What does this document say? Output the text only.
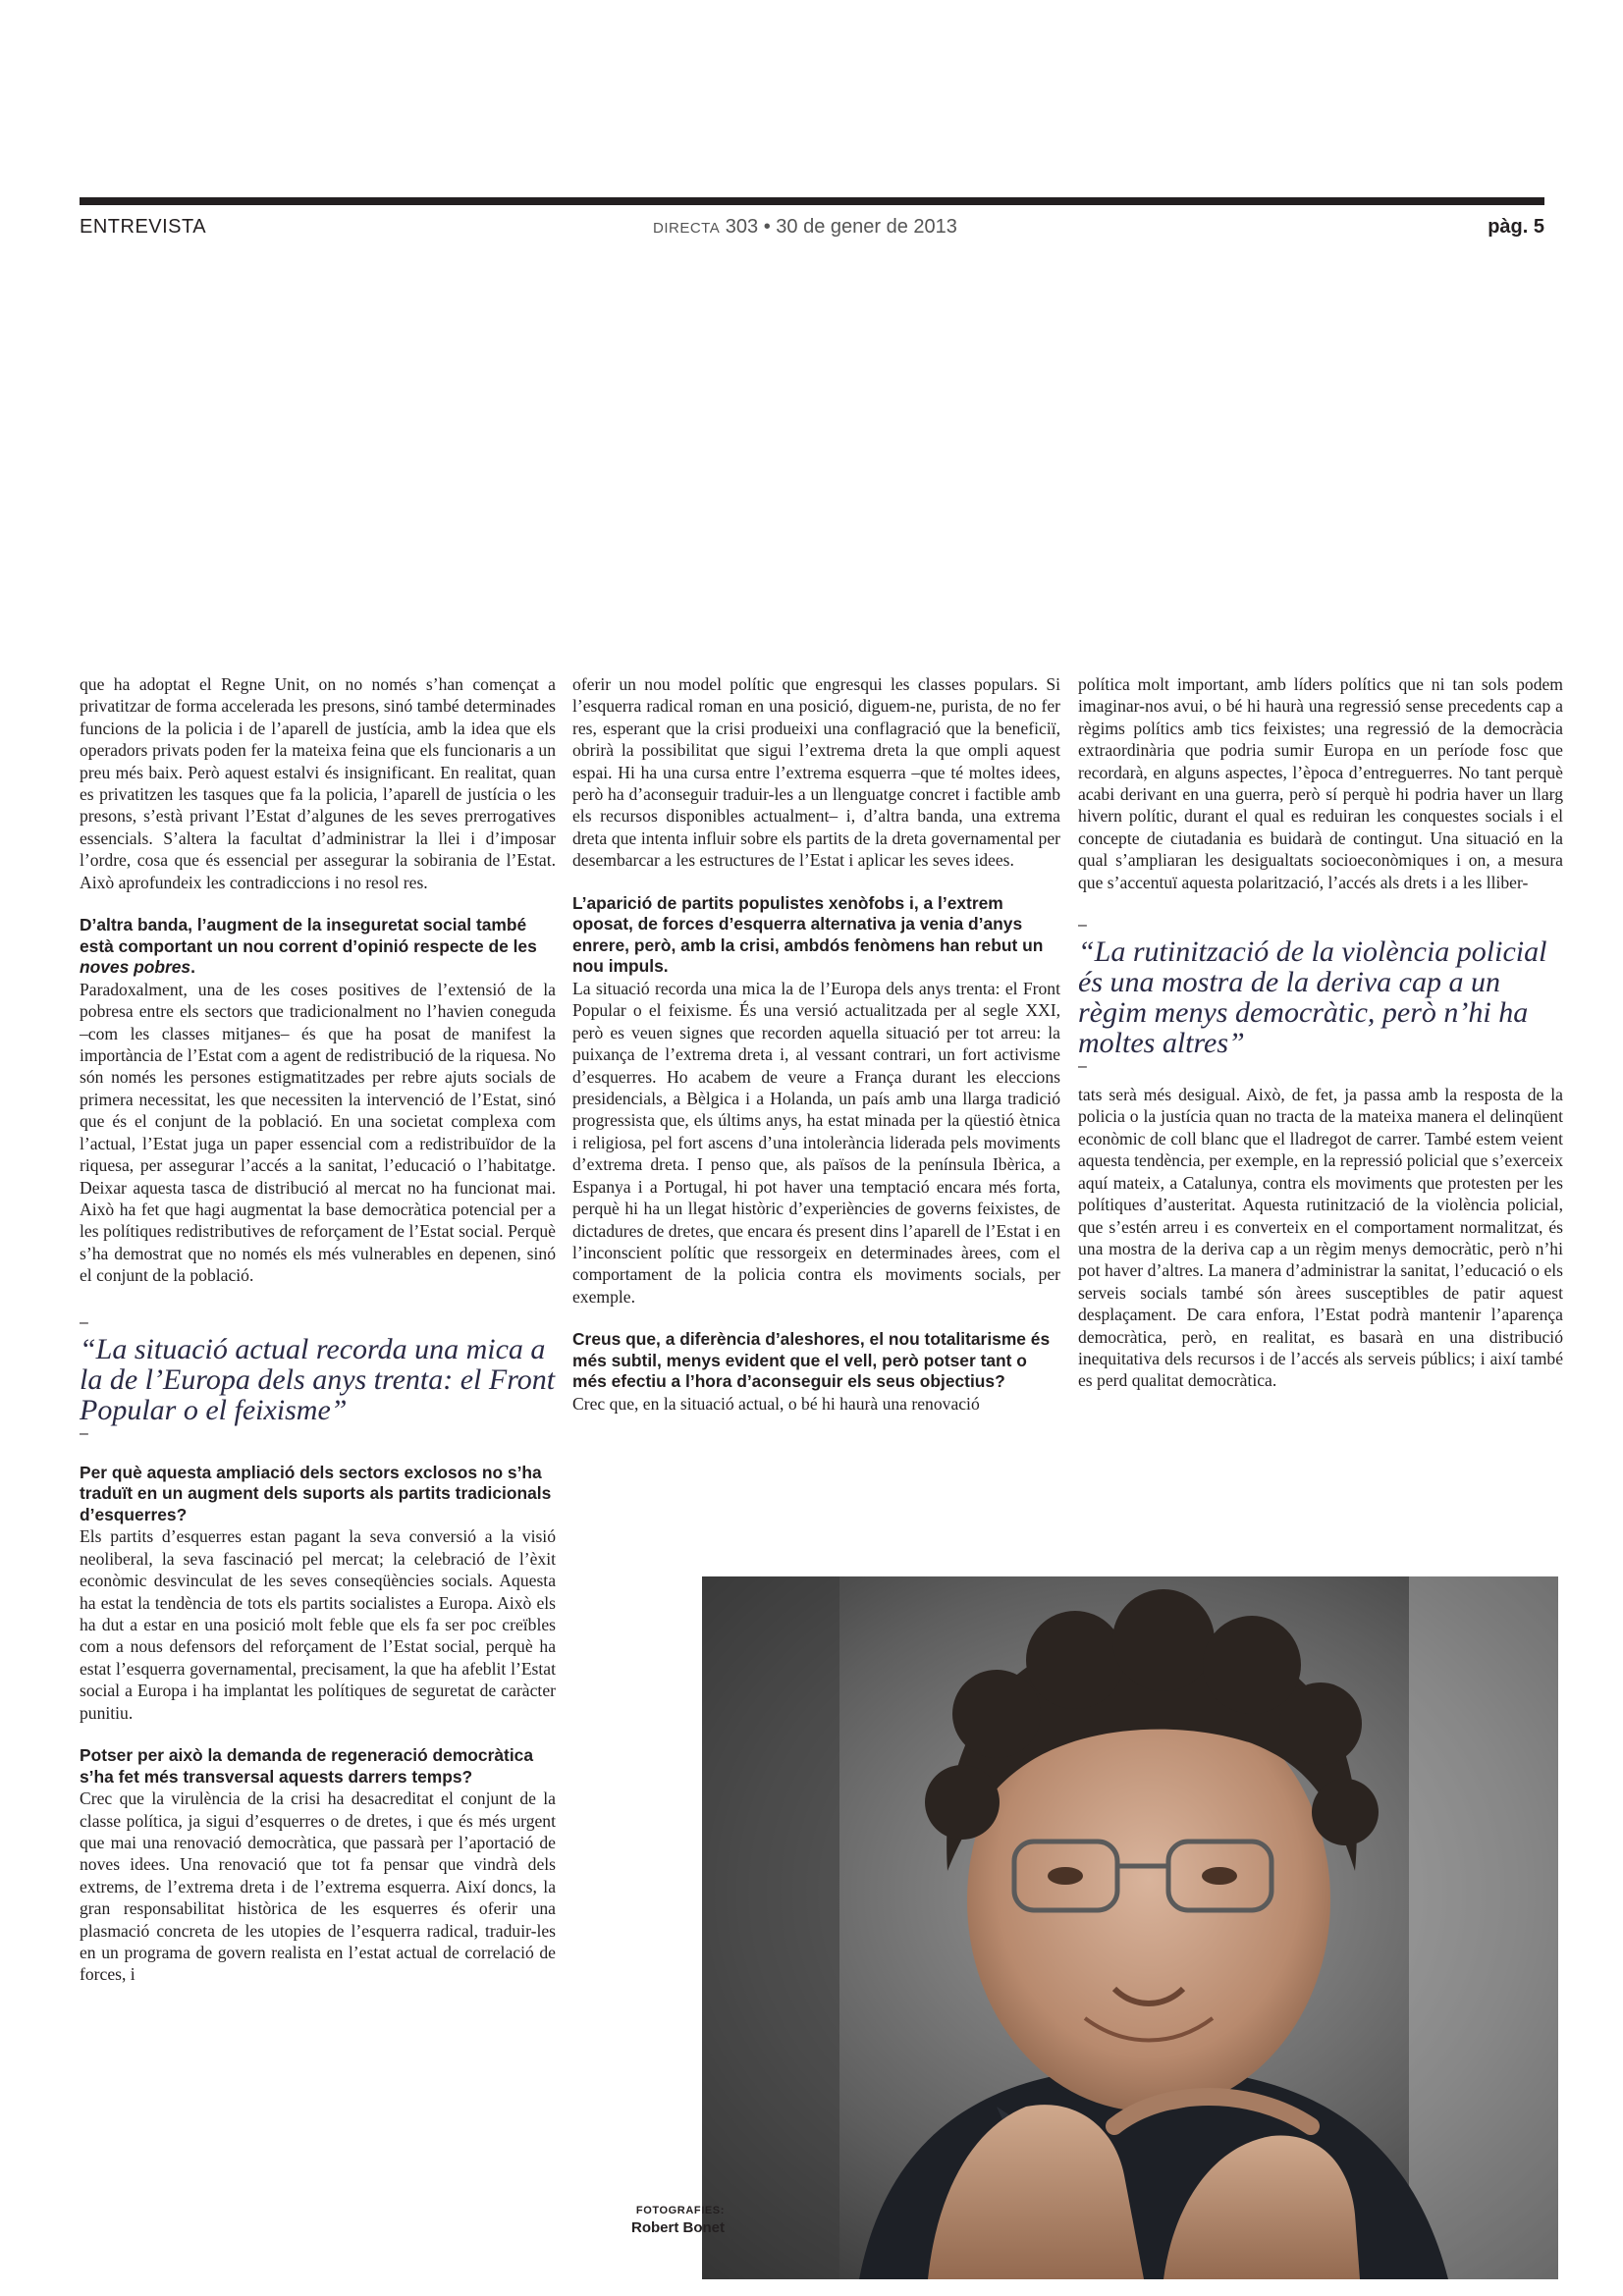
ENTREVISTA	DIRECTA 303 • 30 de gener de 2013	pàg. 5

que ha adoptat el Regne Unit, on no només s’han començat a privatitzar de forma accelerada les presons, sinó també determinades funcions de la policia i de l’aparell de justícia, amb la idea que els operadors privats poden fer la mateixa feina que els funcionaris a un preu més baix. Però aquest estalvi és insignificant. En realitat, quan es privatitzen les tasques que fa la policia, l’aparell de justícia o les presons, s’està privant l’Estat d’algunes de les seves prerrogatives essencials. S’altera la facultat d’administrar la llei i d’imposar l’ordre, cosa que és essencial per assegurar la sobirania de l’Estat. Això aprofundeix les contradiccions i no resol res.

D’altra banda, l’augment de la inseguretat social també està comportant un nou corrent d’opinió respecte de les noves pobres.

Paradoxalment, una de les coses positives de l’extensió de la pobresa entre els sectors que tradicionalment no l’havien coneguda –com les classes mitjanes– és que ha posat de manifest la importància de l’Estat com a agent de redistribució de la riquesa. No són només les persones estigmatitzades per rebre ajuts socials de primera necessitat, les que necessiten la intervenció de l’Estat, sinó que és el conjunt de la població. En una societat complexa com l’actual, l’Estat juga un paper essencial com a redistribuïdor de la riquesa, per assegurar l’accés a la sanitat, l’educació o l’habitatge. Deixar aquesta tasca de distribució al mercat no ha funcionat mai. Això ha fet que hagi augmentat la base democràtica potencial per a les polítiques redistributives de reforçament de l’Estat social. Perquè s’ha demostrat que no només els més vulnerables en depenen, sinó el conjunt de la població.

–
“La situació actual recorda una mica a la de l’Europa dels anys trenta: el Front Popular o el feixisme”
–

Per què aquesta ampliació dels sectors exclosos no s’ha traduït en un augment dels suports als partits tradicionals d’esquerres?

Els partits d’esquerres estan pagant la seva conversió a la visió neoliberal, la seva fascinació pel mercat; la celebració de l’èxit econòmic desvinculat de les seves conseqüències socials. Aquesta ha estat la tendència de tots els partits socialistes a Europa. Això els ha dut a estar en una posició molt feble que els fa ser poc creïbles com a nous defensors del reforçament de l’Estat social, perquè ha estat l’esquerra governamental, precisament, la que ha afeblit l’Estat social a Europa i ha implantat les polítiques de seguretat de caràcter punitiu.

Potser per això la demanda de regeneració democràtica s’ha fet més transversal aquests darrers temps?

Crec que la virulència de la crisi ha desacreditat el conjunt de la classe política, ja sigui d’esquerres o de dretes, i que és més urgent que mai una renovació democràtica, que passarà per l’aportació de noves idees. Una renovació que tot fa pensar que vindrà dels extrems, de l’extrema dreta i de l’extrema esquerra. Així doncs, la gran responsabilitat històrica de les esquerres és oferir una plasmació concreta de les utopies de l’esquerra radical, traduir-les en un programa de govern realista en l’estat actual de correlació de forces, i

oferir un nou model polític que engresqui les classes populars. Si l’esquerra radical roman en una posició, diguem-ne, purista, de no fer res, esperant que la crisi produeixi una conflagració que la beneficiï, obrirà la possibilitat que sigui l’extrema dreta la que ompli aquest espai. Hi ha una cursa entre l’extrema esquerra –que té moltes idees, però ha d’aconseguir traduir-les a un llenguatge concret i factible amb els recursos disponibles actualment– i, d’altra banda, una extrema dreta que intenta influir sobre els partits de la dreta governamental per desembarcar a les estructures de l’Estat i aplicar les seves idees.

L’aparició de partits populistes xenòfobs i, a l’extrem oposat, de forces d’esquerra alternativa ja venia d’anys enrere, però, amb la crisi, ambdós fenòmens han rebut un nou impuls.

La situació recorda una mica la de l’Europa dels anys trenta: el Front Popular o el feixisme. És una versió actualitzada per al segle XXI, però es veuen signes que recorden aquella situació per tot arreu: la puixança de l’extrema dreta i, al vessant contrari, un fort activisme d’esquerres. Ho acabem de veure a França durant les eleccions presidencials, a Bèlgica i a Holanda, un país amb una llarga tradició progressista que, els últims anys, ha estat minada per la qüestió ètnica i religiosa, pel fort ascens d’una intolerància liderada pels moviments d’extrema dreta. I penso que, als països de la península Ibèrica, a Espanya i a Portugal, hi pot haver una temptació encara més forta, perquè hi ha un llegat històric d’experiències de governs feixistes, de dictadures de dretes, que encara és present dins l’aparell de l’Estat i en l’inconscient polític que ressorgeix en determinades àrees, com el comportament de la policia contra els moviments socials, per exemple.

Creus que, a diferència d’aleshores, el nou totalitarisme és més subtil, menys evident que el vell, però potser tant o més efectiu a l’hora d’aconseguir els seus objectius?

Crec que, en la situació actual, o bé hi haurà una renovació

política molt important, amb líders polítics que ni tan sols podem imaginar-nos avui, o bé hi haurà una regressió sense precedents cap a règims polítics amb tics feixistes; una regressió de la democràcia extraordinària que podria sumir Europa en un període fosc que recordarà, en alguns aspectes, l’època d’entreguerres. No tant perquè acabi derivant en una guerra, però sí perquè hi podria haver un llarg hivern polític, durant el qual es reduiran les conquestes socials i el concepte de ciutadania es buidarà de contingut. Una situació en la qual s’ampliaran les desigualtats socioeconòmiques i on, a mesura que s’accentuï aquesta polarització, l’accés als drets i a les lliber-

–
“La rutinització de la violència policial és una mostra de la deriva cap a un règim menys democràtic, però n’hi ha moltes altres”
–

tats serà més desigual. Això, de fet, ja passa amb la resposta de la policia o la justícia quan no tracta de la mateixa manera el delinqüent econòmic de coll blanc que el lladregot de carrer. També estem veient aquesta tendència, per exemple, en la repressió policial que s’exerceix aquí mateix, a Catalunya, contra els moviments que protesten per les polítiques d’austeritat. Aquesta rutinització de la violència policial, que s’estén arreu i es converteix en el comportament normalitzat, és una mostra de la deriva cap a un règim menys democràtic, però n’hi pot haver d’altres. La manera d’administrar la sanitat, l’educació o els serveis socials també són àrees susceptibles de patir aquest desplaçament. De cara enfora, l’Estat podrà mantenir l’aparença democràtica, però, en realitat, es basarà en una distribució inequitativa dels recursos i de l’accés als serveis públics; i així també es perd qualitat democràtica.

FOTOGRAFIES:
Robert Bonet
